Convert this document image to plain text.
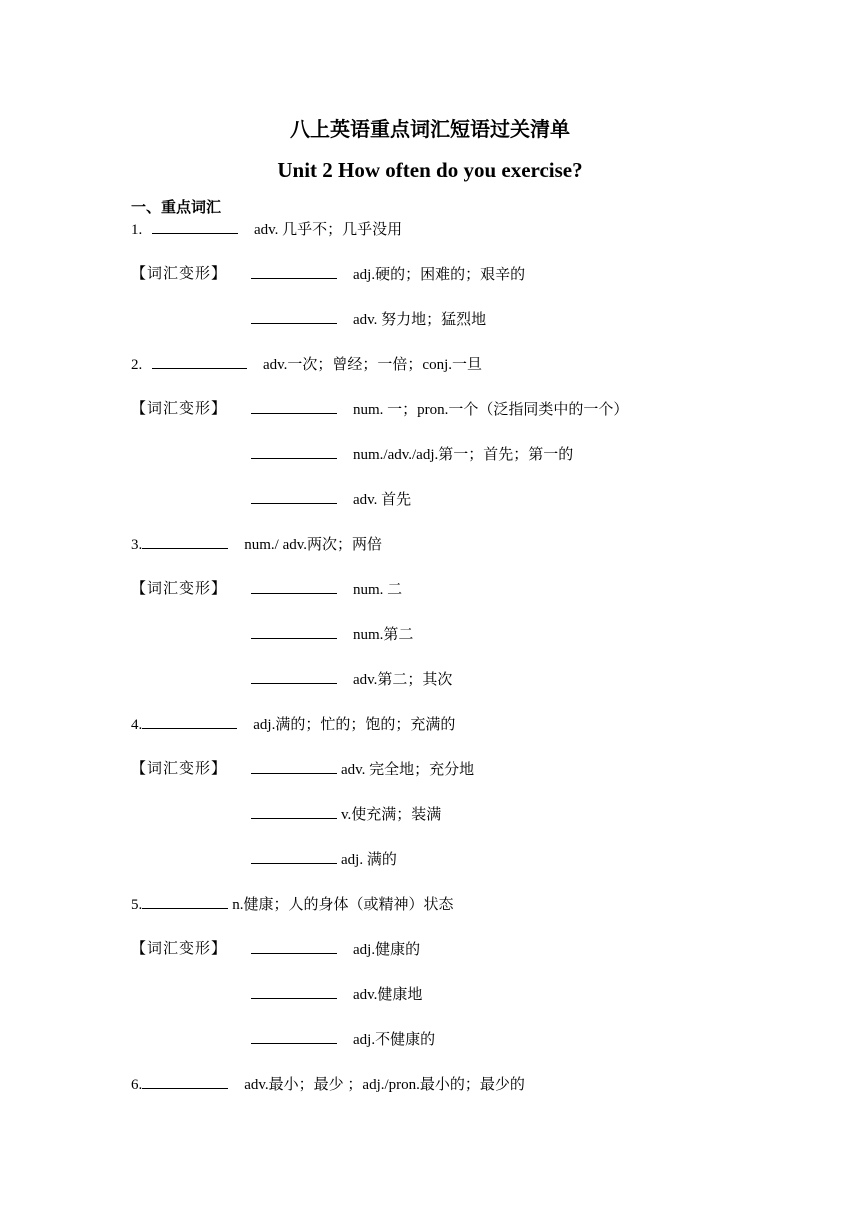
八上英语重点词汇短语过关清单
Unit 2 How often do you exercise?
一、重点词汇
1.	adv. 几乎不；几乎没用
【词汇变形】	adj.硬的；困难的；艰辛的
adv. 努力地；猛烈地
2.	adv.一次；曾经；一倍；conj.一旦
【词汇变形】	num. 一；pron.一个（泛指同类中的一个）
num./adv./adj.第一；首先；第一的
adv. 首先
3.	num./ adv.两次；两倍
【词汇变形】	num. 二
num.第二
adv.第二；其次
4.	adj.满的；忙的；饱的；充满的
【词汇变形】	adv. 完全地；充分地
v.使充满；装满
adj. 满的
5.	n.健康；人的身体（或精神）状态
【词汇变形】	adj.健康的
adv.健康地
adj.不健康的
6.	adv.最小；最少 ；adj./pron.最小的；最少的
